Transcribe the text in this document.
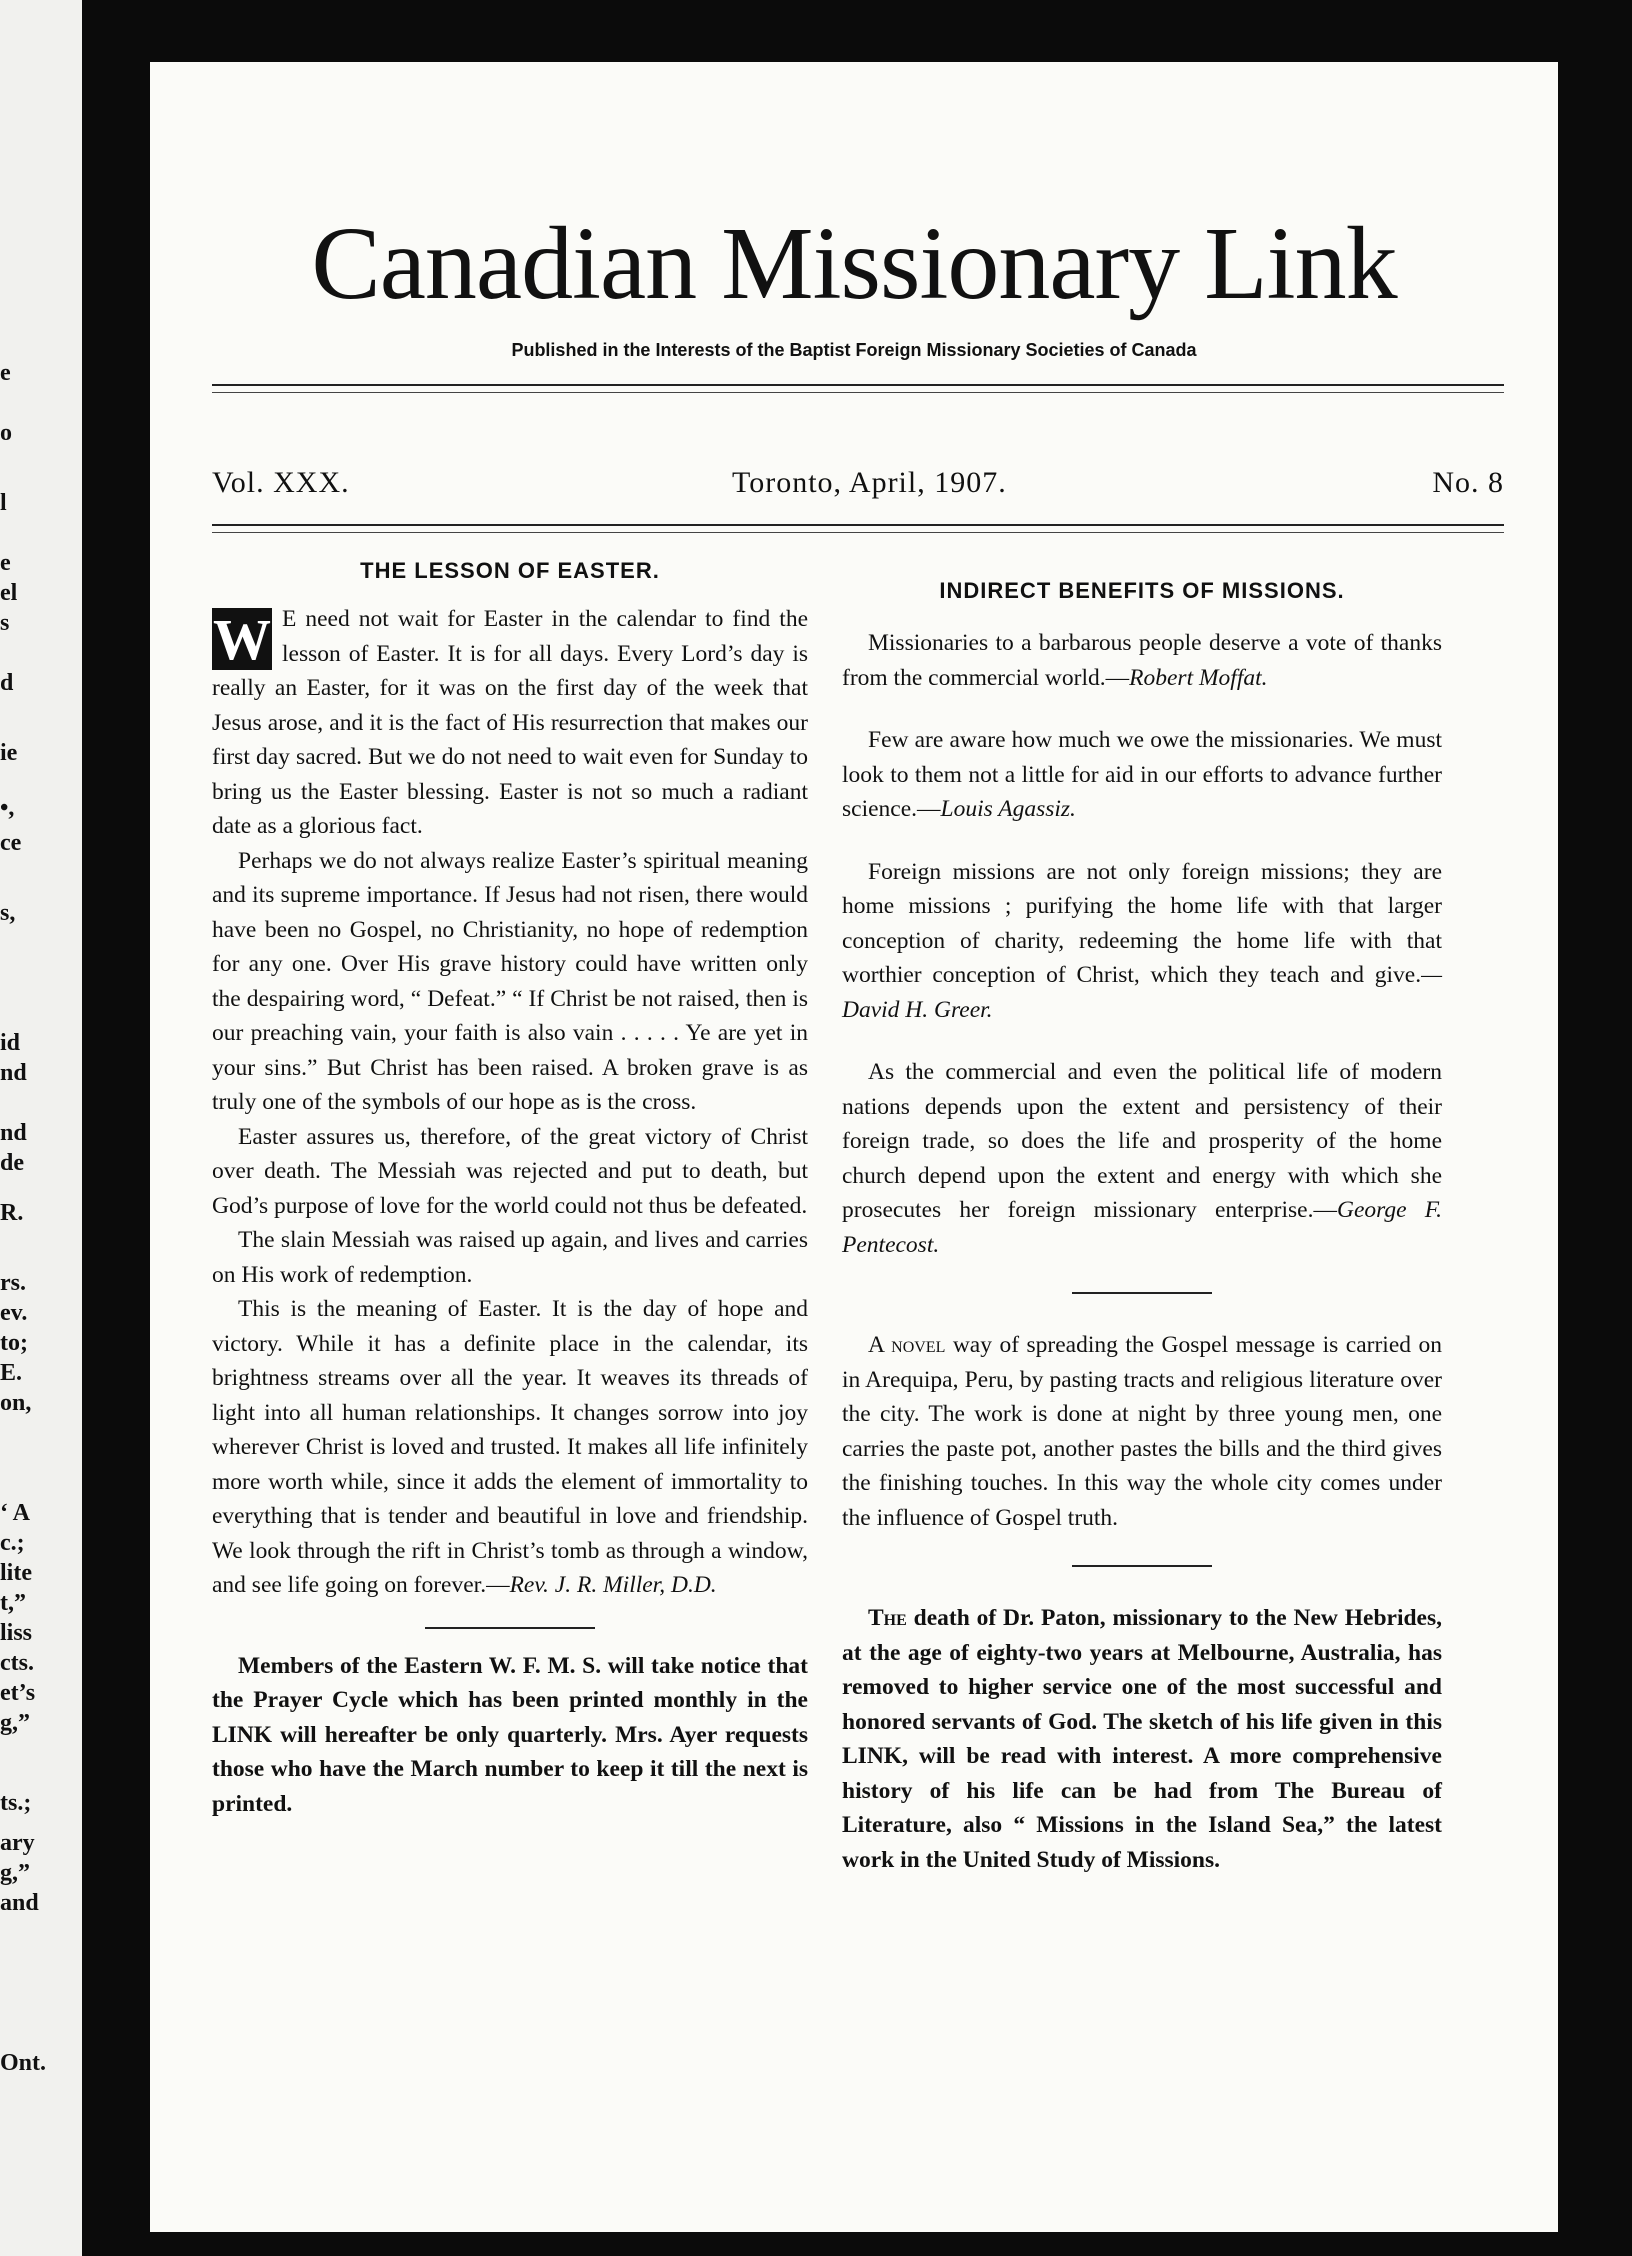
e
o
l
e
el
s
d
ie
•,
ce
s,
id
nd
nd
de
R.
rs.
ev.
to;
E.
on,
‘ A
c.;
lite
t,”
liss
cts.
et’s
g,”
ts.;
ary
g,”
and
Ont.
Canadian Missionary Link
Published in the Interests of the Baptist Foreign Missionary Societies of Canada
Vol. XXX.	Toronto, April, 1907.	No. 8
THE LESSON OF EASTER.

W E need not wait for Easter in the calendar to find the lesson of Easter. It is for all days. Every Lord’s day is really an Easter, for it was on the first day of the week that Jesus arose, and it is the fact of His resurrection that makes our first day sacred. But we do not need to wait even for Sunday to bring us the Easter blessing. Easter is not so much a radiant date as a glorious fact.

Perhaps we do not always realize Easter’s spiritual meaning and its supreme importance. If Jesus had not risen, there would have been no Gospel, no Christianity, no hope of redemption for any one. Over His grave history could have written only the despairing word, “ Defeat.” “ If Christ be not raised, then is our preaching vain, your faith is also vain . . . . . Ye are yet in your sins.” But Christ has been raised. A broken grave is as truly one of the symbols of our hope as is the cross.

Easter assures us, therefore, of the great victory of Christ over death. The Messiah was rejected and put to death, but God’s purpose of love for the world could not thus be defeated.

The slain Messiah was raised up again, and lives and carries on His work of redemption.

This is the meaning of Easter. It is the day of hope and victory. While it has a definite place in the calendar, its brightness streams over all the year. It weaves its threads of light into all human relationships. It changes sorrow into joy wherever Christ is loved and trusted. It makes all life infinitely more worth while, since it adds the element of immortality to everything that is tender and beautiful in love and friendship. We look through the rift in Christ’s tomb as through a window, and see life going on forever.—Rev. J. R. Miller, D.D.

Members of the Eastern W. F. M. S. will take notice that the Prayer Cycle which has been printed monthly in the LINK will hereafter be only quarterly. Mrs. Ayer requests those who have the March number to keep it till the next is printed.

INDIRECT BENEFITS OF MISSIONS.

Missionaries to a barbarous people deserve a vote of thanks from the commercial world.—Robert Moffat.

Few are aware how much we owe the missionaries. We must look to them not a little for aid in our efforts to advance further science.—Louis Agassiz.

Foreign missions are not only foreign missions; they are home missions ; purifying the home life with that larger conception of charity, redeeming the home life with that worthier conception of Christ, which they teach and give.—David H. Greer.

As the commercial and even the political life of modern nations depends upon the extent and persistency of their foreign trade, so does the life and prosperity of the home church depend upon the extent and energy with which she prosecutes her foreign missionary enterprise.—George F. Pentecost.

A novel way of spreading the Gospel message is carried on in Arequipa, Peru, by pasting tracts and religious literature over the city. The work is done at night by three young men, one carries the paste pot, another pastes the bills and the third gives the finishing touches. In this way the whole city comes under the influence of Gospel truth.

The death of Dr. Paton, missionary to the New Hebrides, at the age of eighty-two years at Melbourne, Australia, has removed to higher service one of the most successful and honored servants of God. The sketch of his life given in this LINK, will be read with interest. A more comprehensive history of his life can be had from The Bureau of Literature, also “ Missions in the Island Sea,” the latest work in the United Study of Missions.
